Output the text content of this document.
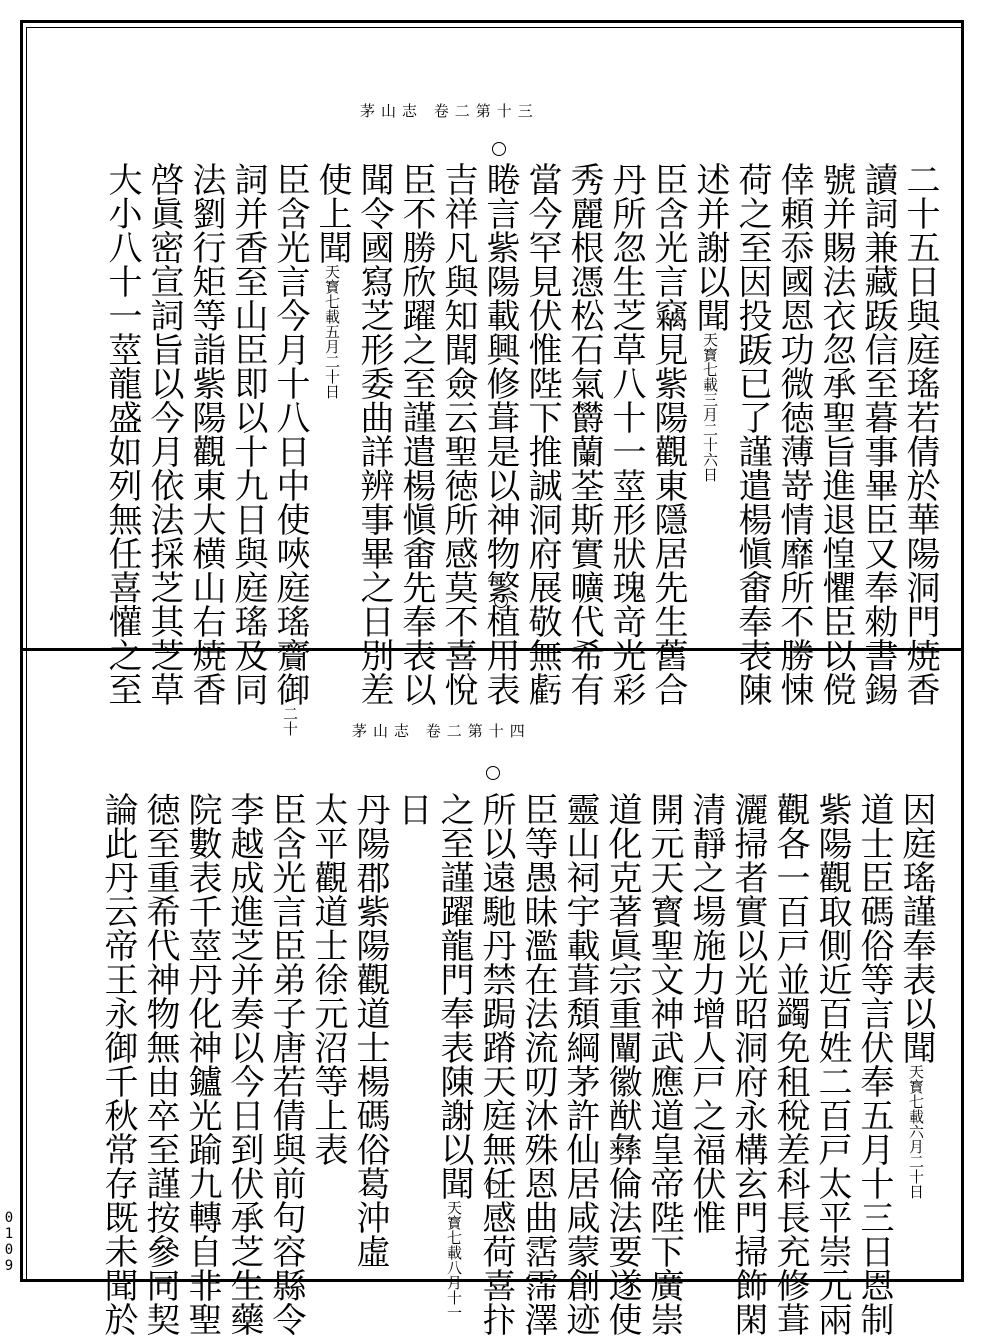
0109
茅山志 卷二第十三
二十五日與庭瑤若倩於華陽洞門焼香
讀詞兼藏䟦信至暮事畢臣又奉勑書錫
號并賜法衣忽承聖旨進退惶懼臣以傥
倖頼忝國恩功微徳薄嵜情靡所不勝悚
荷之至因投䟦已了謹遣楊愼畬奉表陳
述并謝以聞天寳七載三月二十六日
臣含光言竊見紫陽觀東隱居先生舊合
丹所忽生芝草八十一莖形狀瑰竒光彩
秀麗根憑松石氣欝蘭荃斯實曠代希有
當今罕見伏惟陛下推誠洞府展敬無虧
睠言紫陽載興修葺是以神物繁植用表
吉祥凡與知聞僉云聖徳所感莫不喜悅
臣不勝欣躍之至謹遣楊愼畬先奉表以
聞令國寫芝形委曲詳辨事畢之日別差
使上聞天寳七載五月二十日
臣含光言今月十八日中使唊庭瑤齎御二十
詞并香至山臣即以十九日與庭瑤及同
法劉行矩等詣紫陽觀東大横山右焼香
啓眞密宣詞旨以今月依法採芝其芝草
大小八十一莖龍盛如列無任喜懽之至
茅山志 卷二第十四
因庭瑤謹奉表以聞天寳七載六月二十日
道士臣碼俗等言伏奉五月十三日恩制
紫陽觀取側近百姓二百戸太平崇元兩
觀各一百戸並蠲免租稅差科長充修葺
灑掃者實以光昭洞府永構玄門掃飾閑
清靜之場施力增人戸之福伏惟
開元天寳聖文神武應道皇帝陛下廣崇
道化克著眞宗重闡徽猷彝倫法要遂使
靈山祠宇載葺頽綱茅許仙居咸蒙創迹
臣等愚昧濫在法流叨沐殊恩曲霑霈澤
所以遠馳丹禁跼蹐天庭無任感荷喜抃
之至謹躍龍門奉表陳謝以聞天寳七載八月十一
日
丹陽郡紫陽觀道士楊碼俗葛沖虛
太平觀道士徐元沼等上表
臣含光言臣弟子唐若倩與前句容縣令
李越成進芝并奏以今日到伏承芝生藥
院數表千莖丹化神鑪光踰九轉自非聖
徳至重希代神物無由卒至謹按參同契
論此丹云帝王永御千秋常存既未聞於
